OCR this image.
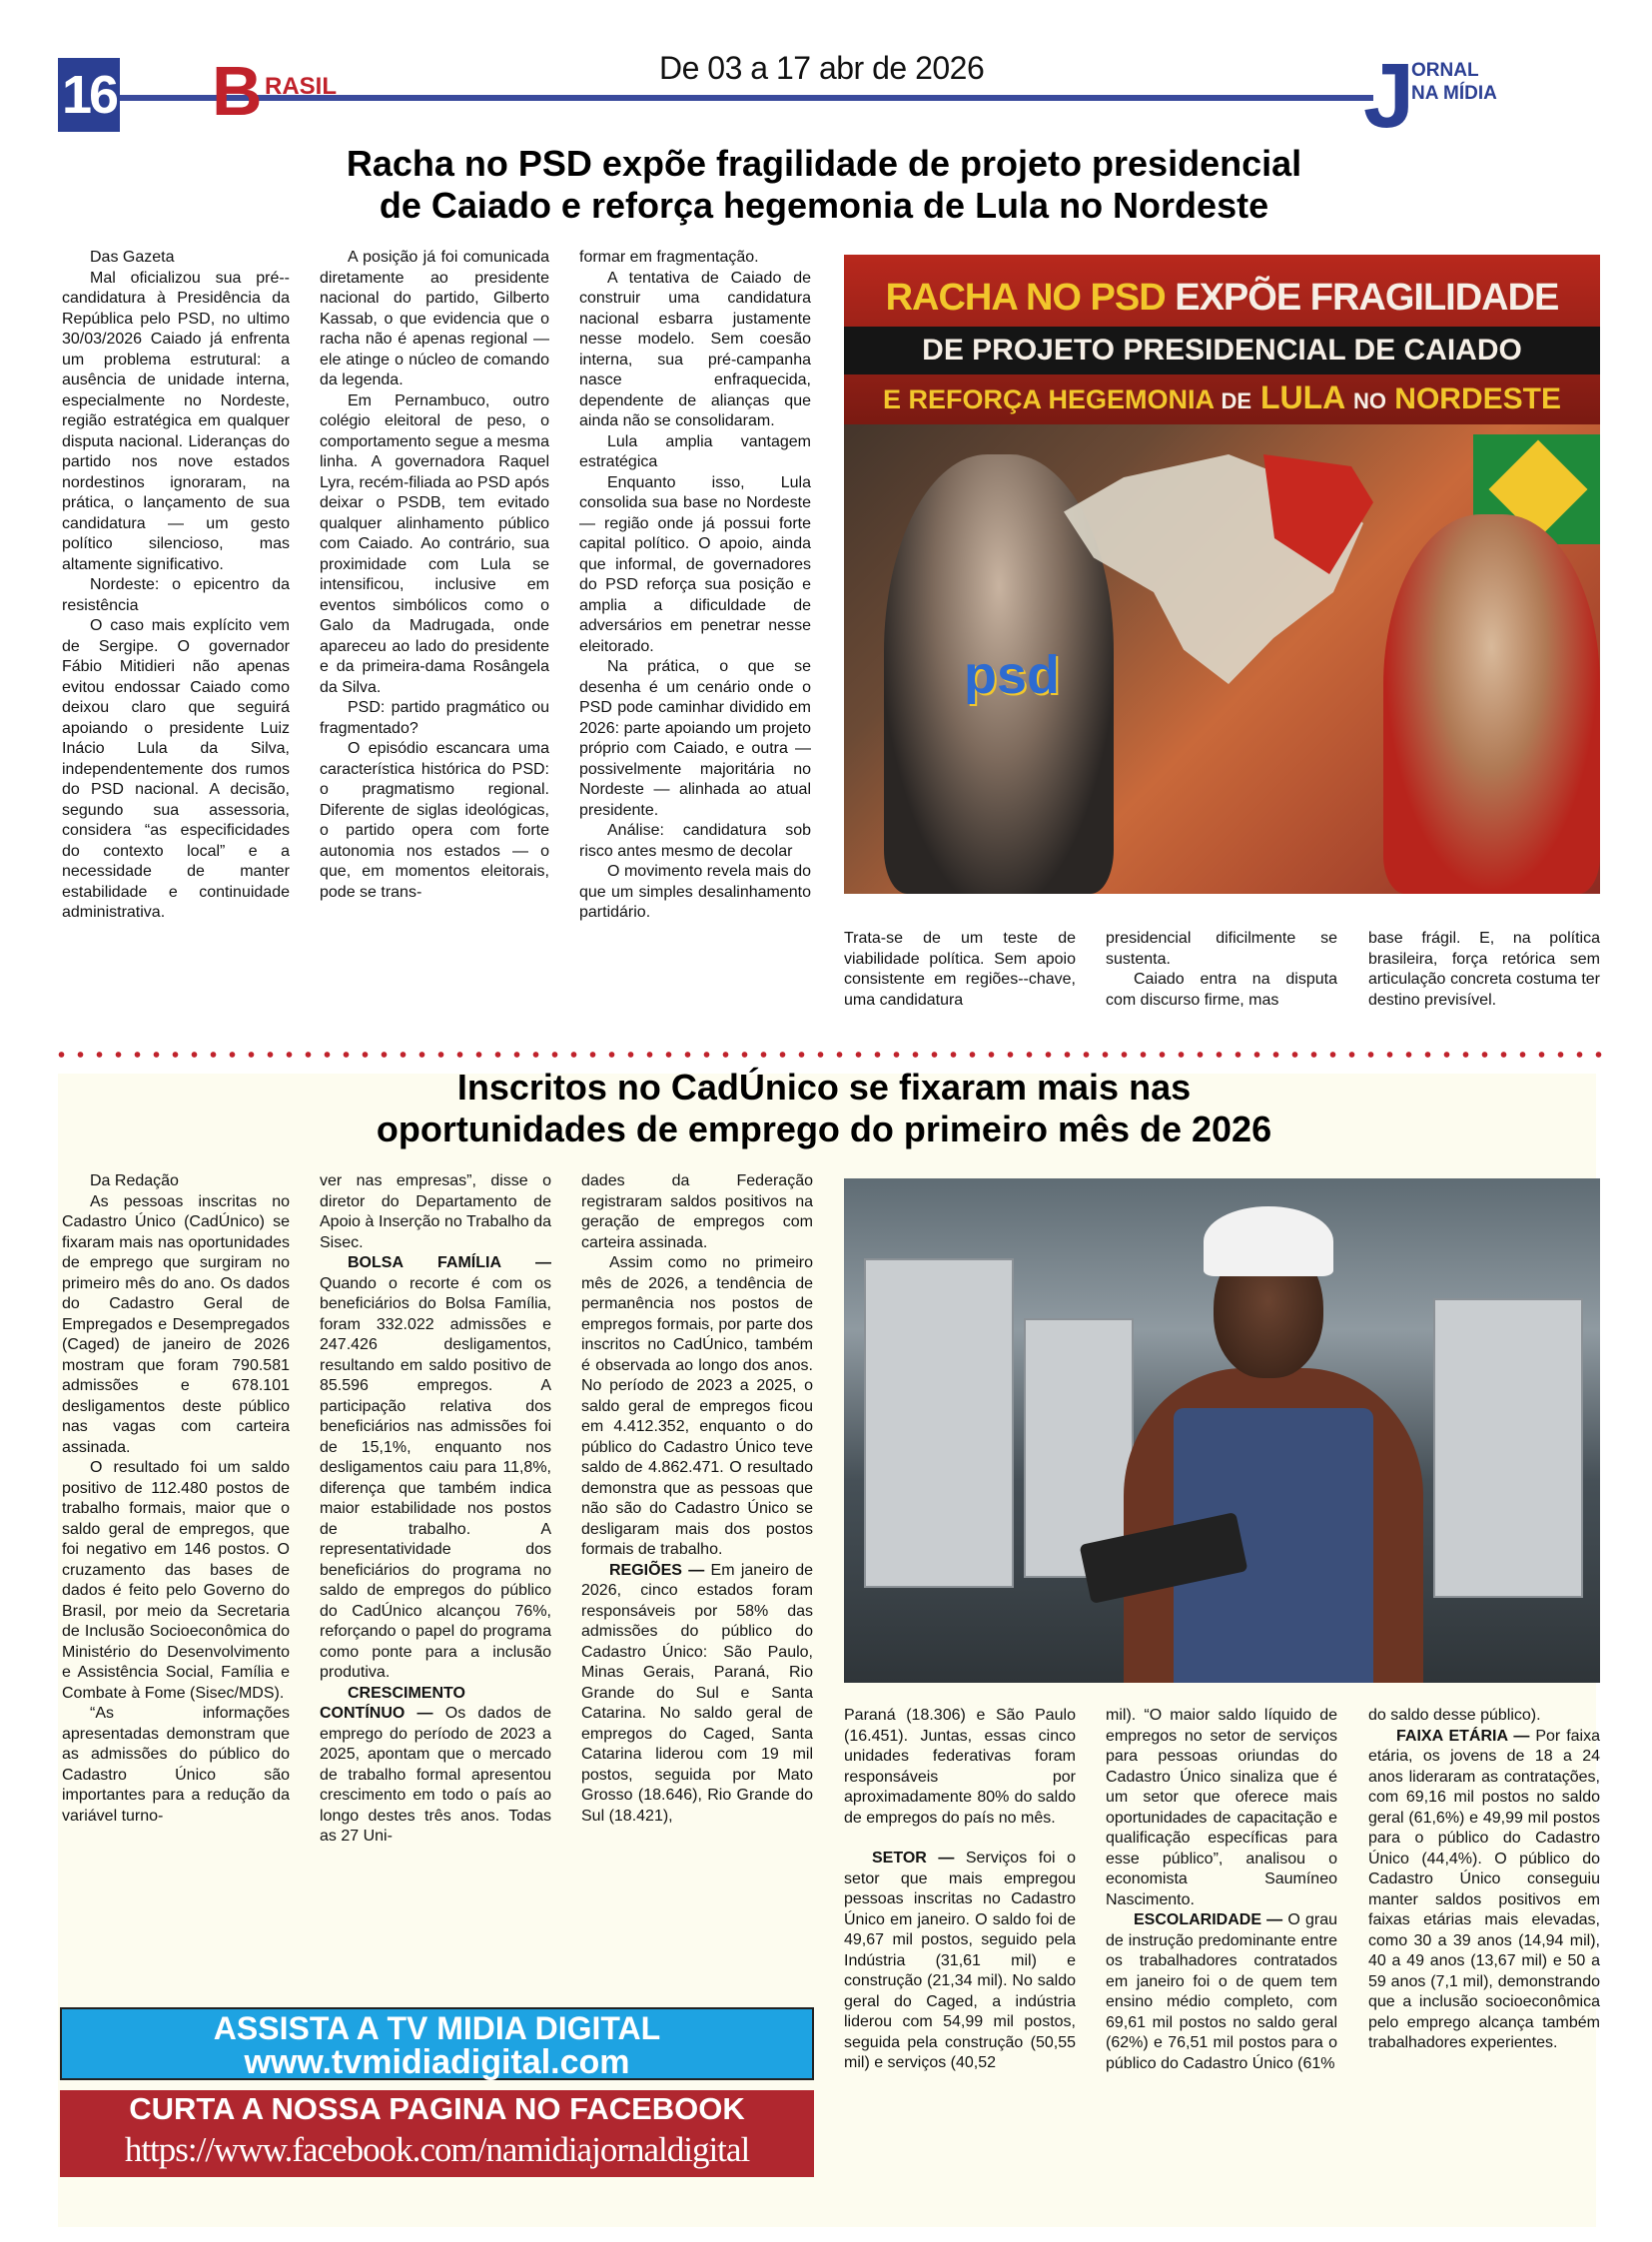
16 B RASIL
De 03 a 17 abr de 2026	J
ORNAL
NA MÍDIA
Racha no PSD expõe fragilidade de projeto presidencial
de Caiado e reforça hegemonia de Lula no Nordeste

Das Gazeta

Mal oficializou sua pré--candidatura à Presidência da República pelo PSD, no ultimo 30/03/2026 Caiado já enfrenta um problema estrutural: a ausência de unidade interna, especialmente no Nordeste, região estratégica em qualquer disputa nacional. Lideranças do partido nos nove estados nordestinos ignoraram, na prática, o lançamento de sua candidatura — um gesto político silencioso, mas altamente significativo.

Nordeste: o epicentro da resistência

O caso mais explícito vem de Sergipe. O governador Fábio Mitidieri não apenas evitou endossar Caiado como deixou claro que seguirá apoiando o presidente Luiz Inácio Lula da Silva, independentemente dos rumos do PSD nacional. A decisão, segundo sua assessoria, considera “as especificidades do contexto local” e a necessidade de manter estabilidade e continuidade administrativa.

A posição já foi comunicada diretamente ao presidente nacional do partido, Gilberto Kassab, o que evidencia que o racha não é apenas regional — ele atinge o núcleo de comando da legenda.

Em Pernambuco, outro colégio eleitoral de peso, o comportamento segue a mesma linha. A governadora Raquel Lyra, recém-filiada ao PSD após deixar o PSDB, tem evitado qualquer alinhamento público com Caiado. Ao contrário, sua proximidade com Lula se intensificou, inclusive em eventos simbólicos como o Galo da Madrugada, onde apareceu ao lado do presidente e da primeira-dama Rosângela da Silva.

PSD: partido pragmático ou fragmentado?

O episódio escancara uma característica histórica do PSD: o pragmatismo regional. Diferente de siglas ideológicas, o partido opera com forte autonomia nos estados — o que, em momentos eleitorais, pode se trans-

formar em fragmentação.

A tentativa de Caiado de construir uma candidatura nacional esbarra justamente nesse modelo. Sem coesão interna, sua pré-campanha nasce enfraquecida, dependente de alianças que ainda não se consolidaram.

Lula amplia vantagem estratégica

Enquanto isso, Lula consolida sua base no Nordeste — região onde já possui forte capital político. O apoio, ainda que informal, de governadores do PSD reforça sua posição e amplia a dificuldade de adversários em penetrar nesse eleitorado.

Na prática, o que se desenha é um cenário onde o PSD pode caminhar dividido em 2026: parte apoiando um projeto próprio com Caiado, e outra — possivelmente majoritária no Nordeste — alinhada ao atual presidente.

Análise: candidatura sob risco antes mesmo de decolar

O movimento revela mais do que um simples desalinhamento partidário.

psd
RACHA NO PSD EXPÕE FRAGILIDADE
DE PROJETO PRESIDENCIAL DE CAIADO
E REFORÇA HEGEMONIA DE LULA NO NORDESTE

Trata-se de um teste de viabilidade política. Sem apoio consistente em regiões--chave, uma candidatura

presidencial dificilmente se sustenta.

Caiado entra na disputa com discurso firme, mas

base frágil. E, na política brasileira, força retórica sem articulação concreta costuma ter destino previsível.

Inscritos no CadÚnico se fixaram mais nas
oportunidades de emprego do primeiro mês de 2026

Da Redação

As pessoas inscritas no Cadastro Único (CadÚnico) se fixaram mais nas oportunidades de emprego que surgiram no primeiro mês do ano. Os dados do Cadastro Geral de Empregados e Desempregados (Caged) de janeiro de 2026 mostram que foram 790.581 admissões e 678.101 desligamentos deste público nas vagas com carteira assinada.

O resultado foi um saldo positivo de 112.480 postos de trabalho formais, maior que o saldo geral de empregos, que foi negativo em 146 postos. O cruzamento das bases de dados é feito pelo Governo do Brasil, por meio da Secretaria de Inclusão Socioeconômica do Ministério do Desenvolvimento e Assistência Social, Família e Combate à Fome (Sisec/MDS).

“As informações apresentadas demonstram que as admissões do público do Cadastro Único são importantes para a redução da variável turno-

ver nas empresas”, disse o diretor do Departamento de Apoio à Inserção no Trabalho da Sisec.

BOLSA FAMÍLIA — Quando o recorte é com os beneficiários do Bolsa Família, foram 332.022 admissões e 247.426 desligamentos, resultando em saldo positivo de 85.596 empregos. A participação relativa dos beneficiários nas admissões foi de 15,1%, enquanto nos desligamentos caiu para 11,8%, diferença que também indica maior estabilidade nos postos de trabalho. A representatividade dos beneficiários do programa no saldo de empregos do público do CadÚnico alcançou 76%, reforçando o papel do programa como ponte para a inclusão produtiva.

CRESCIMENTO CONTÍNUO — Os dados de emprego do período de 2023 a 2025, apontam que o mercado de trabalho formal apresentou crescimento em todo o país ao longo destes três anos. Todas as 27 Uni-

dades da Federação registraram saldos positivos na geração de empregos com carteira assinada.

Assim como no primeiro mês de 2026, a tendência de permanência nos postos de empregos formais, por parte dos inscritos no CadÚnico, também é observada ao longo dos anos. No período de 2023 a 2025, o saldo geral de empregos ficou em 4.412.352, enquanto o do público do Cadastro Único teve saldo de 4.862.471. O resultado demonstra que as pessoas que não são do Cadastro Único se desligaram mais dos postos formais de trabalho.

REGIÕES — Em janeiro de 2026, cinco estados foram responsáveis por 58% das admissões do público do Cadastro Único: São Paulo, Minas Gerais, Paraná, Rio Grande do Sul e Santa Catarina. No saldo geral de empregos do Caged, Santa Catarina liderou com 19 mil postos, seguida por Mato Grosso (18.646), Rio Grande do Sul (18.421),

Paraná (18.306) e São Paulo (16.451). Juntas, essas cinco unidades federativas foram responsáveis por aproximadamente 80% do saldo de empregos do país no mês.

SETOR — Serviços foi o setor que mais empregou pessoas inscritas no Cadastro Único em janeiro. O saldo foi de 49,67 mil postos, seguido pela Indústria (31,61 mil) e construção (21,34 mil). No saldo geral do Caged, a indústria liderou com 54,99 mil postos, seguida pela construção (50,55 mil) e serviços (40,52

mil). “O maior saldo líquido de empregos no setor de serviços para pessoas oriundas do Cadastro Único sinaliza que é um setor que oferece mais oportunidades de capacitação e qualificação específicas para esse público”, analisou o economista Saumíneo Nascimento.

ESCOLARIDADE — O grau de instrução predominante entre os trabalhadores contratados em janeiro foi o de quem tem ensino médio completo, com 69,61 mil postos no saldo geral (62%) e 76,51 mil postos para o público do Cadastro Único (61%

do saldo desse público).

FAIXA ETÁRIA — Por faixa etária, os jovens de 18 a 24 anos lideraram as contratações, com 69,16 mil postos no saldo geral (61,6%) e 49,99 mil postos para o público do Cadastro Único (44,4%). O público do Cadastro Único conseguiu manter saldos positivos em faixas etárias mais elevadas, como 30 a 39 anos (14,94 mil), 40 a 49 anos (13,67 mil) e 50 a 59 anos (7,1 mil), demonstrando que a inclusão socioeconômica pelo emprego alcança também trabalhadores experientes.

ASSISTA A TV MIDIA DIGITAL
www.tvmidiadigital.com
CURTA A NOSSA PAGINA NO FACEBOOK
https://www.facebook.com/namidiajornaldigital
